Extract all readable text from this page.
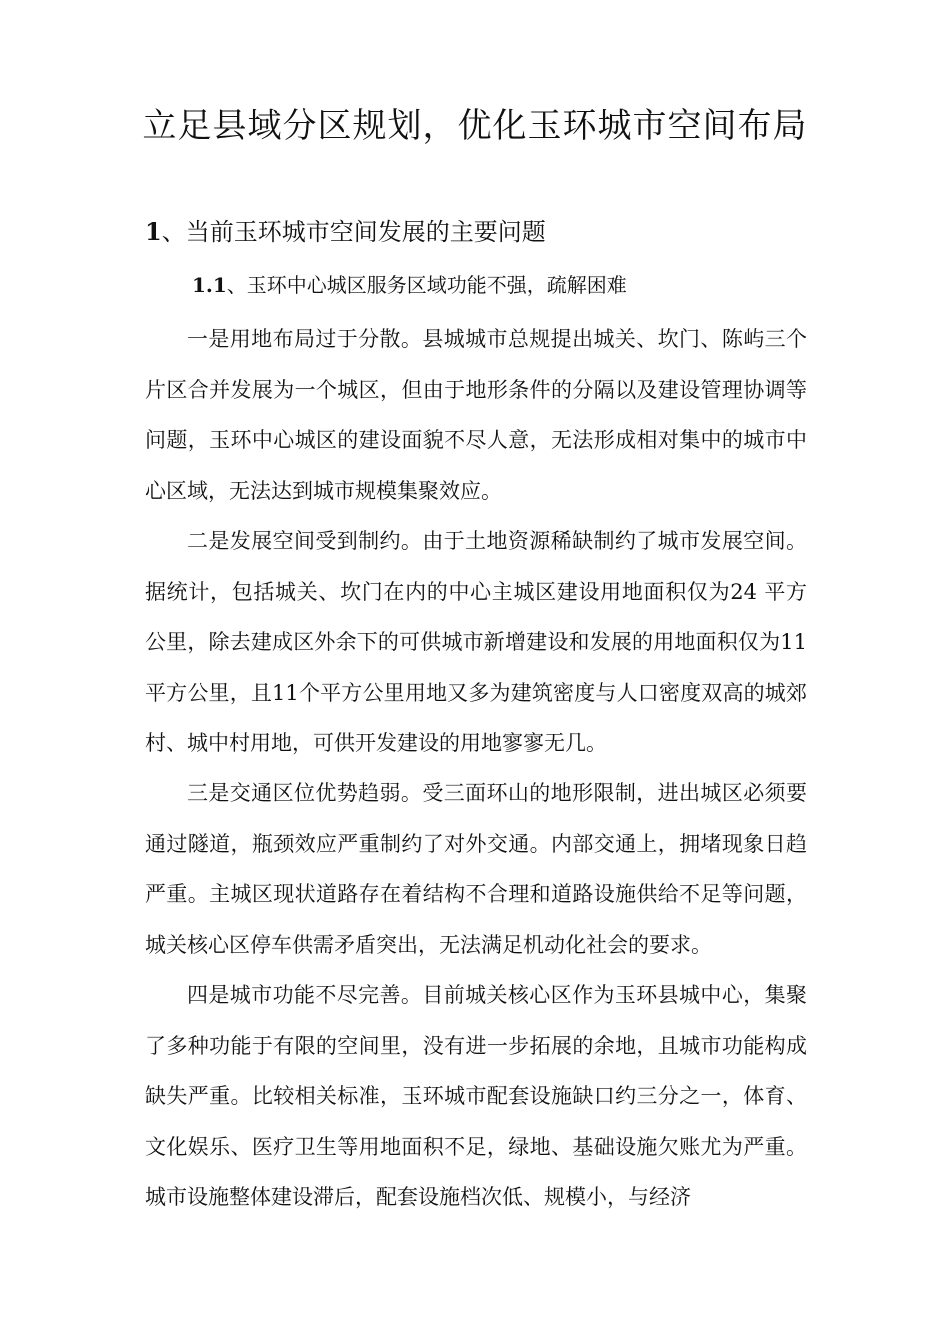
立足县域分区规划，优化玉环城市空间布局
1、当前玉环城市空间发展的主要问题
1.1、玉环中心城区服务区域功能不强，疏解困难

一是用地布局过于分散。县城城市总规提出城关、坎门、陈屿三个片区合并发展为一个城区，但由于地形条件的分隔以及建设管理协调等问题，玉环中心城区的建设面貌不尽人意，无法形成相对集中的城市中心区域，无法达到城市规模集聚效应。

二是发展空间受到制约。由于土地资源稀缺制约了城市发展空间。据统计，包括城关、坎门在内的中心主城区建设用地面积仅为24 平方公里，除去建成区外余下的可供城市新增建设和发展的用地面积仅为11平方公里，且11个平方公里用地又多为建筑密度与人口密度双高的城郊村、城中村用地，可供开发建设的用地寥寥无几。

三是交通区位优势趋弱。受三面环山的地形限制，进出城区必须要通过隧道，瓶颈效应严重制约了对外交通。内部交通上，拥堵现象日趋严重。主城区现状道路存在着结构不合理和道路设施供给不足等问题，城关核心区停车供需矛盾突出，无法满足机动化社会的要求。

四是城市功能不尽完善。目前城关核心区作为玉环县城中心，集聚了多种功能于有限的空间里，没有进一步拓展的余地，且城市功能构成缺失严重。比较相关标准，玉环城市配套设施缺口约三分之一，体育、文化娱乐、医疗卫生等用地面积不足，绿地、基础设施欠账尤为严重。城市设施整体建设滞后，配套设施档次低、规模小，与经济
